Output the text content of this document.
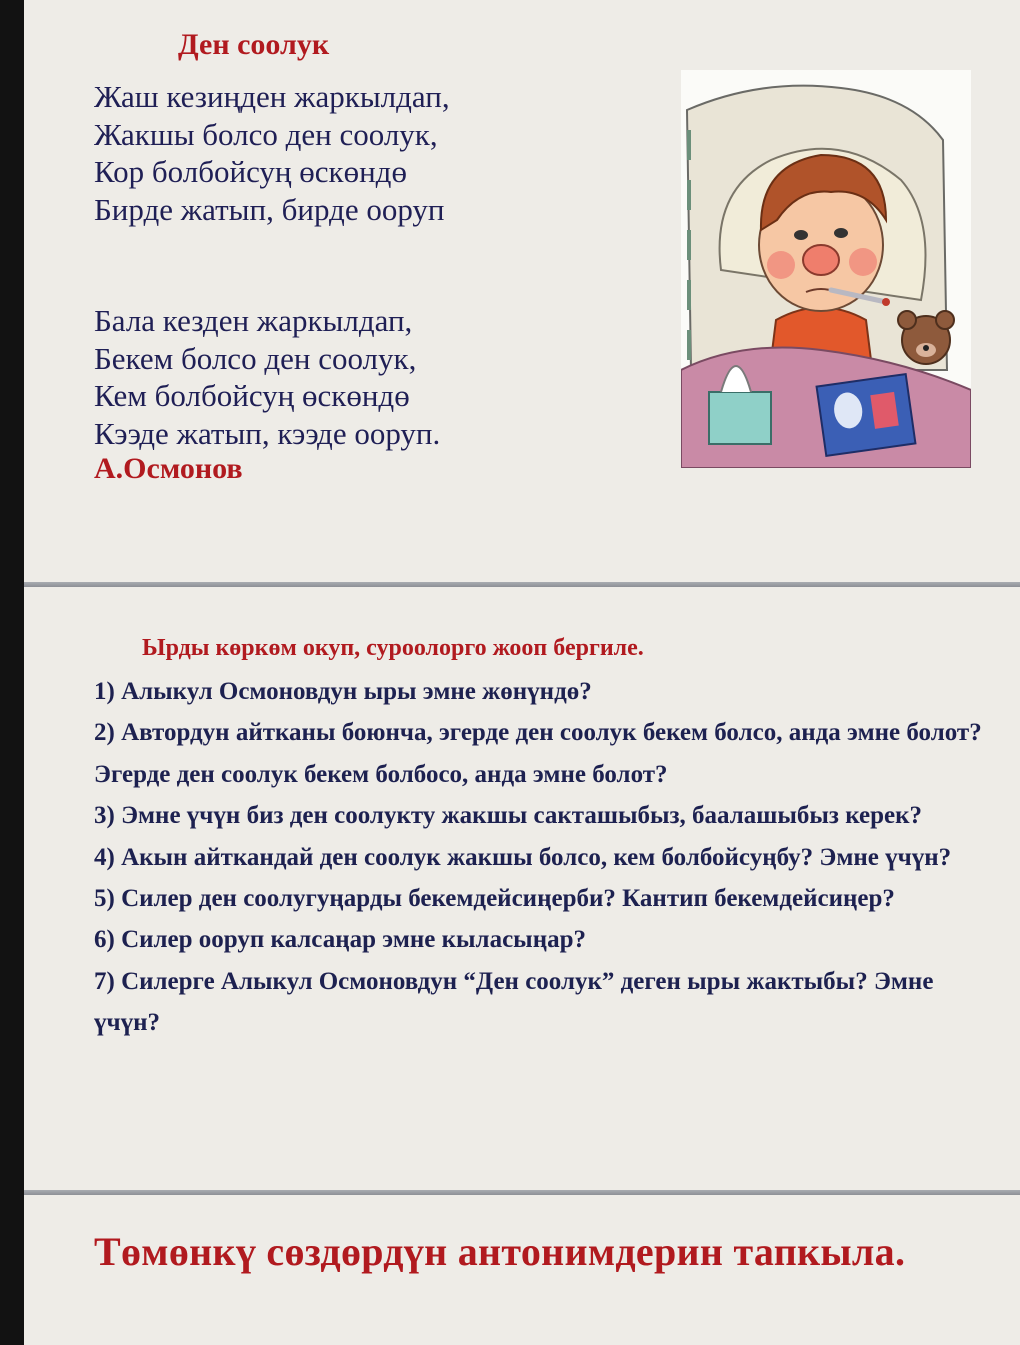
Ден соолук
Жаш кезиңден жаркылдап,
Жакшы болсо ден соолук,
Кор болбойсуң өскөндө
Бирде жатып, бирде ооруп
Бала кезден жаркылдап,
Бекем болсо ден соолук,
Кем болбойсуң өскөндө
Кээде жатып, кээде ооруп.
А.Осмонов
Ырды көркөм окуп, суроолорго жооп бергиле.
1) Алыкул Осмоновдун ыры эмне жөнүндө?
2) Автордун айтканы боюнча, эгерде ден соолук бекем болсо, анда эмне болот? Эгерде ден соолук бекем болбосо, анда эмне болот?
3) Эмне үчүн биз ден соолукту жакшы сакташыбыз, баалашыбыз керек?
4) Акын айткандай ден соолук жакшы болсо, кем болбойсуңбу? Эмне үчүн?
5) Силер ден соолугуңарды бекемдейсиңерби? Кантип бекемдейсиңер?
6) Силер ооруп калсаңар эмне кыласыңар?
7) Силерге Алыкул Осмоновдун “Ден соолук” деген ыры жактыбы? Эмне үчүн?
Төмөнкү сөздөрдүн антонимдерин тапкыла.
